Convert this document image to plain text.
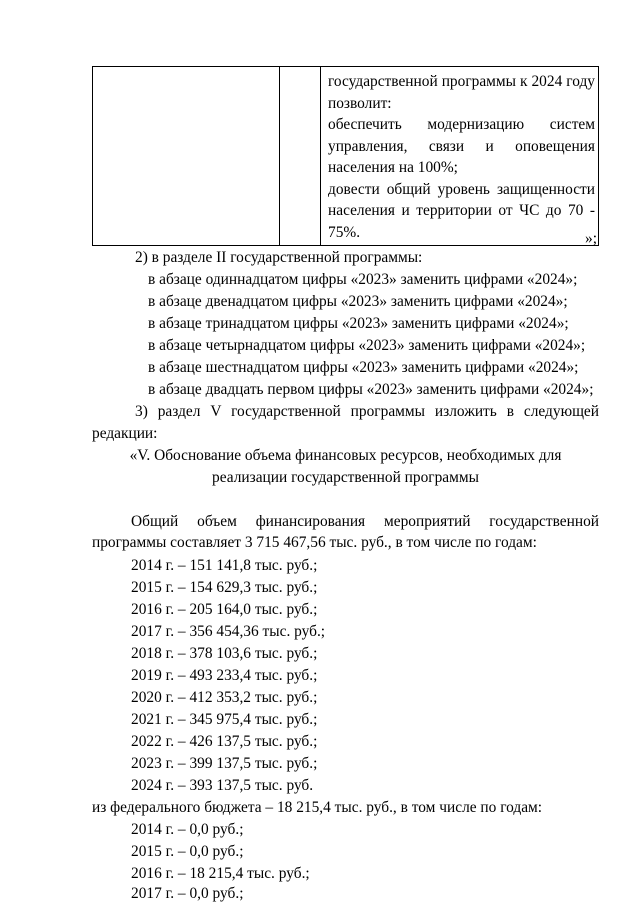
государственной программы к 2024 году
позволит:
обеспечить модернизацию систем
управления, связи и оповещения
населения на 100%;
довести общий уровень защищенности
населения и территории от ЧС до 70 -
75%.	»;
2) в разделе II государственной программы:
в абзаце одиннадцатом цифры «2023» заменить цифрами «2024»;
в абзаце двенадцатом цифры «2023» заменить цифрами «2024»;
в абзаце тринадцатом цифры «2023» заменить цифрами «2024»;
в абзаце четырнадцатом цифры «2023» заменить цифрами «2024»;
в абзаце шестнадцатом цифры «2023» заменить цифрами «2024»;
в абзаце двадцать первом цифры «2023» заменить цифрами «2024»;
3) раздел V государственной программы изложить в следующей
редакции:
«V. Обоснование объема финансовых ресурсов, необходимых для
реализации государственной программы
Общий объем финансирования мероприятий государственной
программы составляет 3 715 467,56 тыс. руб., в том числе по годам:
2014 г. – 151 141,8 тыс. руб.;
2015 г. – 154 629,3 тыс. руб.;
2016 г. – 205 164,0 тыс. руб.;
2017 г. – 356 454,36 тыс. руб.;
2018 г. – 378 103,6 тыс. руб.;
2019 г. – 493 233,4 тыс. руб.;
2020 г. – 412 353,2 тыс. руб.;
2021 г. – 345 975,4 тыс. руб.;
2022 г. – 426 137,5 тыс. руб.;
2023 г. – 399 137,5 тыс. руб.;
2024 г. – 393 137,5 тыс. руб.
из федерального бюджета – 18 215,4 тыс. руб., в том числе по годам:
2014 г. – 0,0 руб.;
2015 г. – 0,0 руб.;
2016 г. – 18 215,4 тыс. руб.;
2017 г. – 0,0 руб.;
